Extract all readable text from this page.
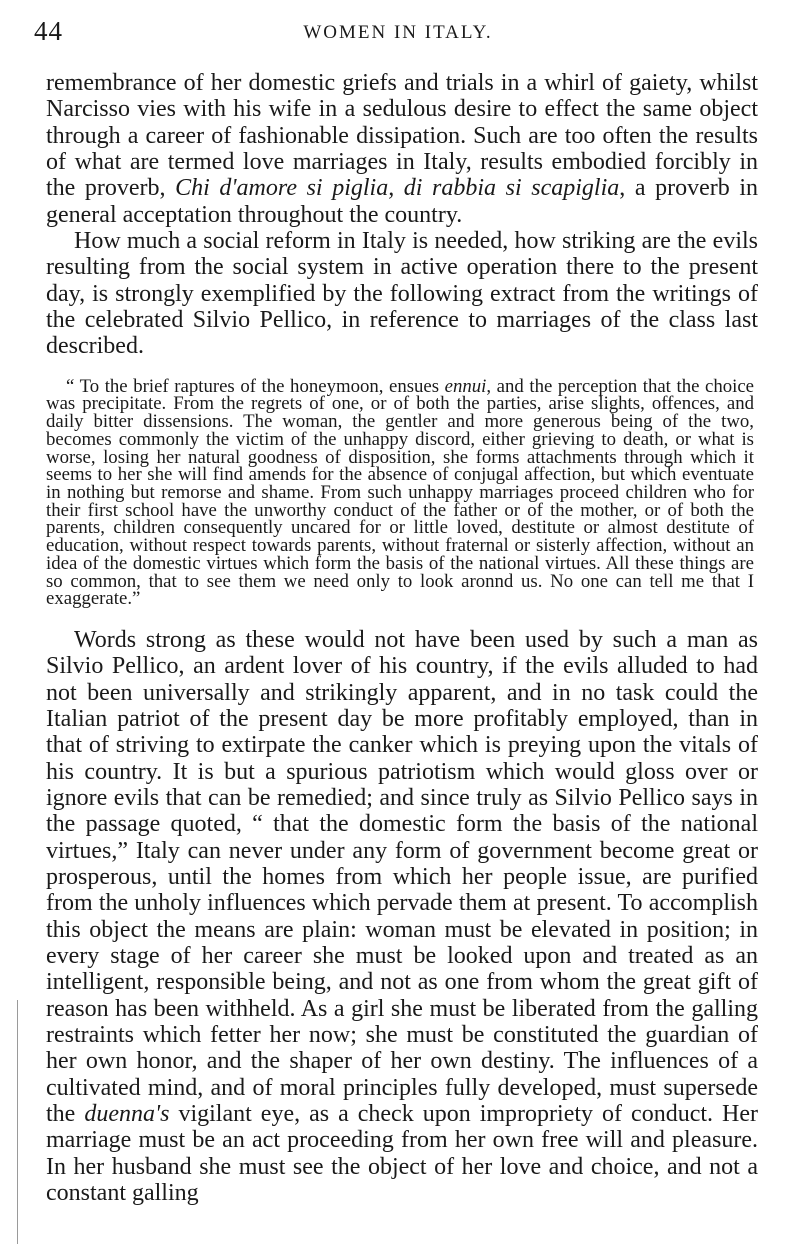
44	WOMEN IN ITALY.

remembrance of her domestic griefs and trials in a whirl of gaiety, whilst Narcisso vies with his wife in a sedulous desire to effect the same object through a career of fashionable dissipation. Such are too often the results of what are termed love marriages in Italy, results embodied forcibly in the proverb, Chi d'amore si piglia, di rabbia si scapiglia, a proverb in general acceptation throughout the country.

How much a social reform in Italy is needed, how striking are the evils resulting from the social system in active operation there to the present day, is strongly exemplified by the following extract from the writings of the celebrated Silvio Pellico, in reference to marriages of the class last described.

“ To the brief raptures of the honeymoon, ensues ennui, and the perception that the choice was precipitate. From the regrets of one, or of both the parties, arise slights, offences, and daily bitter dissensions. The woman, the gentler and more generous being of the two, becomes commonly the victim of the unhappy discord, either grieving to death, or what is worse, losing her natural goodness of disposition, she forms attachments through which it seems to her she will find amends for the absence of conjugal affection, but which eventuate in nothing but remorse and shame. From such unhappy marriages proceed children who for their first school have the unworthy conduct of the father or of the mother, or of both the parents, children consequently uncared for or little loved, destitute or almost destitute of education, without respect towards parents, without fraternal or sisterly affection, without an idea of the domestic virtues which form the basis of the national virtues. All these things are so common, that to see them we need only to look aronnd us. No one can tell me that I exaggerate.”

Words strong as these would not have been used by such a man as Silvio Pellico, an ardent lover of his country, if the evils alluded to had not been universally and strikingly apparent, and in no task could the Italian patriot of the present day be more profitably employed, than in that of striving to extirpate the canker which is preying upon the vitals of his country. It is but a spurious patriotism which would gloss over or ignore evils that can be remedied; and since truly as Silvio Pellico says in the passage quoted, “ that the domestic form the basis of the national virtues,” Italy can never under any form of government become great or prosperous, until the homes from which her people issue, are purified from the unholy influences which pervade them at present. To accomplish this object the means are plain: woman must be elevated in position; in every stage of her career she must be looked upon and treated as an intelligent, responsible being, and not as one from whom the great gift of reason has been withheld. As a girl she must be liberated from the galling restraints which fetter her now; she must be constituted the guardian of her own honor, and the shaper of her own destiny. The influences of a cultivated mind, and of moral principles fully developed, must supersede the duenna's vigilant eye, as a check upon impropriety of conduct. Her marriage must be an act proceeding from her own free will and pleasure. In her husband she must see the object of her love and choice, and not a constant galling
